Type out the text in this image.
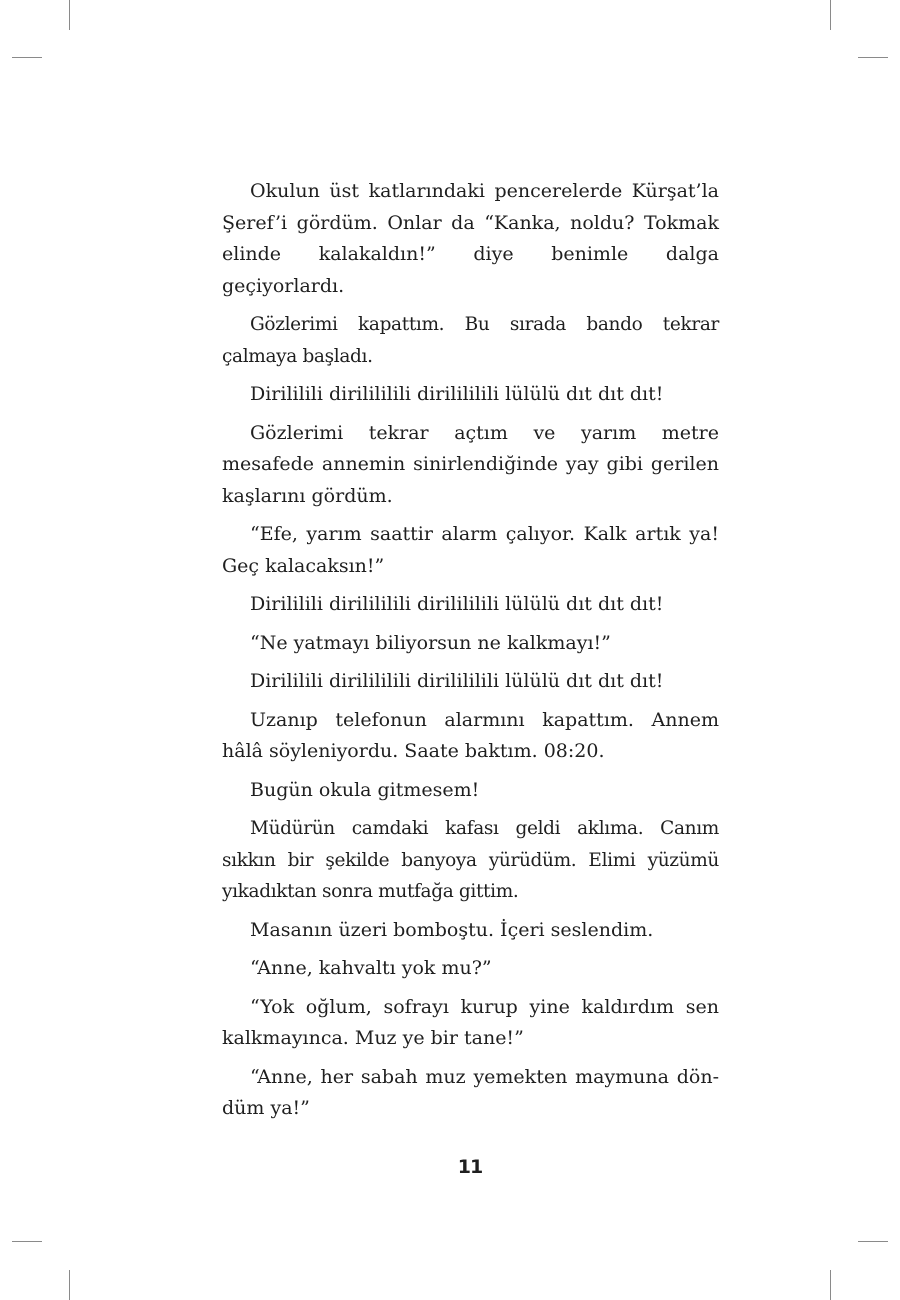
Okulun üst katlarındaki pencerelerde Kürşat’la Şeref’i gördüm. Onlar da “Kanka, noldu? Tokmak elinde kalakaldın!” diye benimle dalga geçiyorlardı.

Gözlerimi kapattım. Bu sırada bando tekrar çalmaya başladı.

Dirililili dirilililili dirilililili lülülü dıt dıt dıt!

Gözlerimi tekrar açtım ve yarım metre mesafede annemin sinirlendiğinde yay gibi gerilen kaşlarını gördüm.

“Efe, yarım saattir alarm çalıyor. Kalk artık ya! Geç kalacaksın!”

Dirililili dirilililili dirilililili lülülü dıt dıt dıt!

“Ne yatmayı biliyorsun ne kalkmayı!”

Dirililili dirilililili dirilililili lülülü dıt dıt dıt!

Uzanıp telefonun alarmını kapattım. Annem hâlâ söyleniyordu. Saate baktım. 08:20.

Bugün okula gitmesem!

Müdürün camdaki kafası geldi aklıma. Canım sıkkın bir şekilde banyoya yürüdüm. Elimi yüzümü yıkadıktan sonra mutfağa gittim.

Masanın üzeri bomboştu. İçeri seslendim.

“Anne, kahvaltı yok mu?”

“Yok oğlum, sofrayı kurup yine kaldırdım sen kalkmayınca. Muz ye bir tane!”

“Anne, her sabah muz yemekten maymuna döndüm ya!”

11
